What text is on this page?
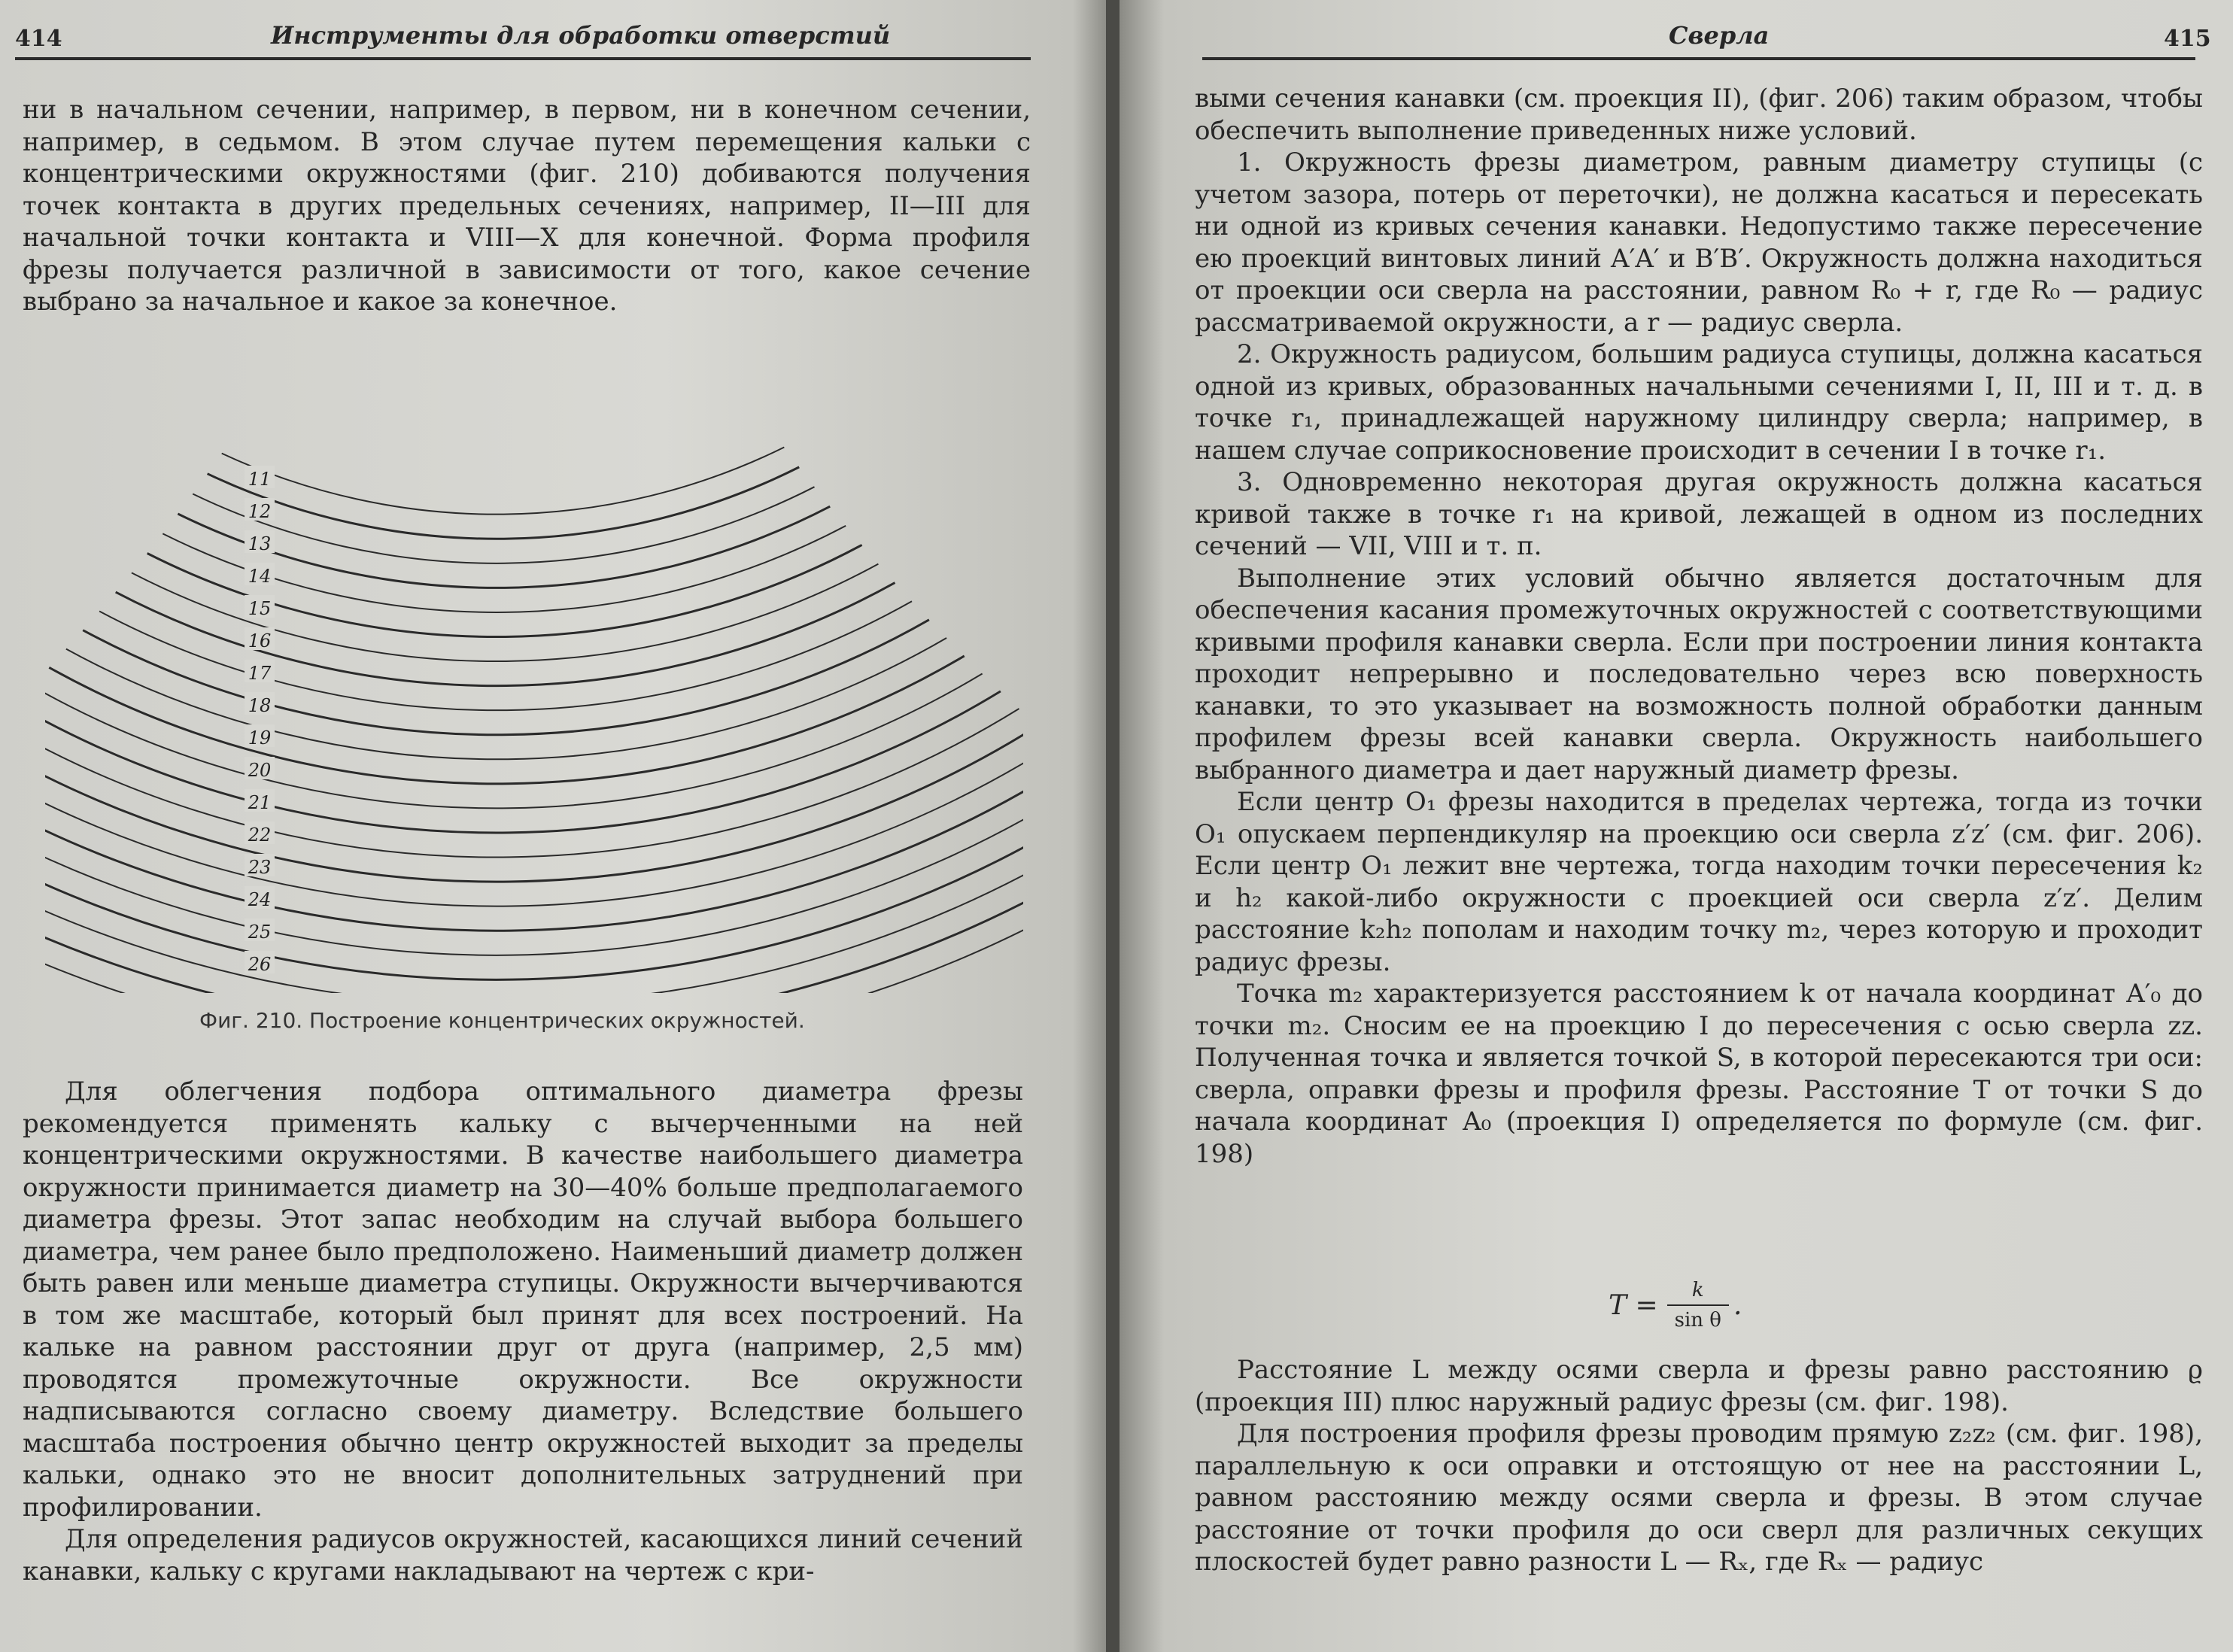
414	Инструменты для обработки отверстий

ни в начальном сечении, например, в первом, ни в конечном сечении, например, в седьмом. В этом случае путем перемещения кальки с концентрическими окружностями (фиг. 210) добиваются получения точек контакта в других предельных сечениях, например, II—III для начальной точки контакта и VIII—X для конечной. Форма профиля фрезы получается различной в зависимости от того, какое сечение выбрано за начальное и какое за конечное.

11
12
13
14
15
16
17
18
19
20
21
22
23
24
25
26
Фиг. 210. Построение концентрических окружностей.

Для облегчения подбора оптимального диаметра фрезы рекомендуется применять кальку с вычерченными на ней концентрическими окружностями. В качестве наибольшего диаметра окружности принимается диаметр на 30—40% больше предполагаемого диаметра фрезы. Этот запас необходим на случай выбора большего диаметра, чем ранее было предположено. Наименьший диаметр должен быть равен или меньше диаметра ступицы. Окружности вычерчиваются в том же масштабе, который был принят для всех построений. На кальке на равном расстоянии друг от друга (например, 2,5 мм) проводятся промежуточные окружности. Все окружности надписываются согласно своему диаметру. Вследствие большего масштаба построения обычно центр окружностей выходит за пределы кальки, однако это не вносит дополнительных затруднений при профилировании.

Для определения радиусов окружностей, касающихся линий сечений канавки, кальку с кругами накладывают на чертеж с кри-

Сверла	415

выми сечения канавки (см. проекция II), (фиг. 206) таким образом, чтобы обеспечить выполнение приведенных ниже условий.

1. Окружность фрезы диаметром, равным диаметру ступицы (с учетом зазора, потерь от переточки), не должна касаться и пересекать ни одной из кривых сечения канавки. Недопустимо также пересечение ею проекций винтовых линий A′A′ и B′B′. Окружность должна находиться от проекции оси сверла на расстоянии, равном R₀ + r, где R₀ — радиус рассматриваемой окружности, а r — радиус сверла.

2. Окружность радиусом, большим радиуса ступицы, должна касаться одной из кривых, образованных начальными сечениями I, II, III и т. д. в точке r₁, принадлежащей наружному цилиндру сверла; например, в нашем случае соприкосновение происходит в сечении I в точке r₁.

3. Одновременно некоторая другая окружность должна касаться кривой также в точке r₁ на кривой, лежащей в одном из последних сечений — VII, VIII и т. п.

Выполнение этих условий обычно является достаточным для обеспечения касания промежуточных окружностей с соответствующими кривыми профиля канавки сверла. Если при построении линия контакта проходит непрерывно и последовательно через всю поверхность канавки, то это указывает на возможность полной обработки данным профилем фрезы всей канавки сверла. Окружность наибольшего выбранного диаметра и дает наружный диаметр фрезы.

Если центр O₁ фрезы находится в пределах чертежа, тогда из точки O₁ опускаем перпендикуляр на проекцию оси сверла z′z′ (см. фиг. 206). Если центр O₁ лежит вне чертежа, тогда находим точки пересечения k₂ и h₂ какой-либо окружности с проекцией оси сверла z′z′. Делим расстояние k₂h₂ пополам и находим точку m₂, через которую и проходит радиус фрезы.

Точка m₂ характеризуется расстоянием k от начала координат A′₀ до точки m₂. Сносим ее на проекцию I до пересечения с осью сверла zz. Полученная точка и является точкой S, в которой пересекаются три оси: сверла, оправки фрезы и профиля фрезы. Расстояние T от точки S до начала координат A₀ (проекция I) определяется по формуле (см. фиг. 198)

$T = \frac{k}{\text{sin θ}}$ .

Расстояние L между осями сверла и фрезы равно расстоянию ϱ (проекция III) плюс наружный радиус фрезы (см. фиг. 198).

Для построения профиля фрезы проводим прямую z₂z₂ (см. фиг. 198), параллельную к оси оправки и отстоящую от нее на расстоянии L, равном расстоянию между осями сверла и фрезы. В этом случае расстояние от точки профиля до оси сверл для различных секущих плоскостей будет равно разности L — Rₓ, где Rₓ — радиус
